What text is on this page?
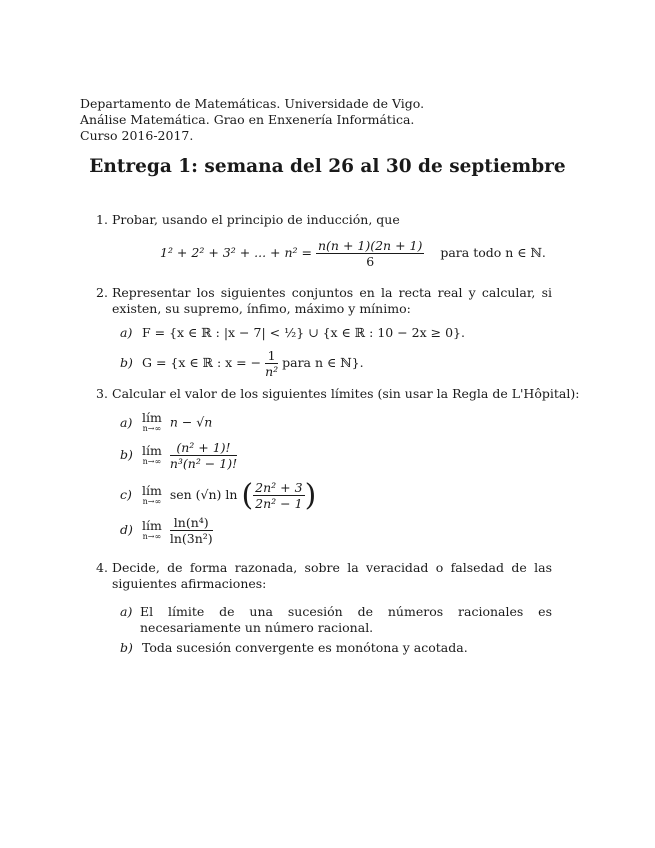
Departamento de Matemáticas. Universidade de Vigo.
Análise Matemática. Grao en Enxenería Informática.
Curso 2016-2017.
Entrega 1: semana del 26 al 30 de septiembre
1. Probar, usando el principio de inducción, que
1² + 2² + 3² + ... + $n^2 = \frac{n(n + 1)(2n + 1)}{6}$ para todo n ∈ ℕ.
2. Representar los siguientes conjuntos en la recta real y calcular, si existen, su supremo, ínfimo, máximo y mínimo:
a) F = {x ∈ ℝ : |x − 7| < ½} ∪ {x ∈ ℝ : 10 − 2x ≥ 0}.
b) G = {x ∈ ℝ : x = − $\frac{1}{\text{n²}}$ para n ∈ ℕ}.
3. Calcular el valor de los siguientes límites (sin usar la Regla de L'Hôpital):
a) lím
n→∞ n − √n
b) lím
n→∞
$\frac{\text{(n² + 1)!}}{\text{n³(n² − 1)!}}$
c) lím
n→∞ sen (√n) ln ( $\frac{\text{2n² + 3}}{\text{2n² − 1}}$ )
d) lím
n→∞
$\frac{\text{ln(n⁴)}}{\text{ln(3n²)}}$
4. Decide, de forma razonada, sobre la veracidad o falsedad de las siguientes afirmaciones:
a) El límite de una sucesión de números racionales es necesariamente un número racional.
b) Toda sucesión convergente es monótona y acotada.
